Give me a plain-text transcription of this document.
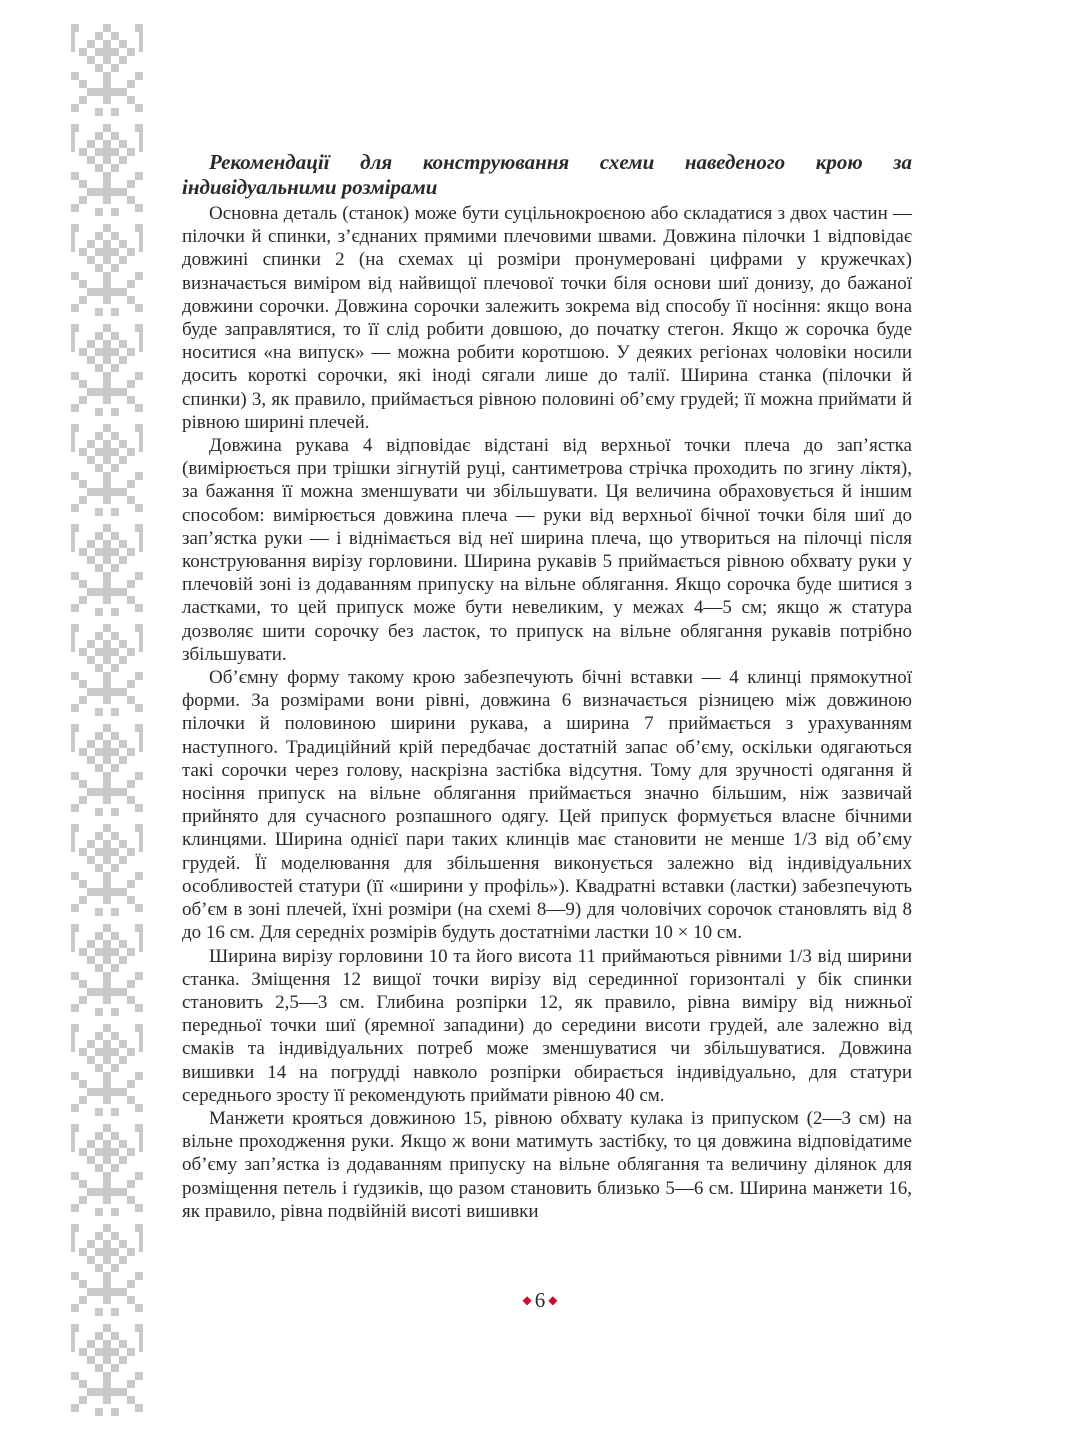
Рекомендації для конструювання схеми наведеного крою за індивідуальними розмірами

Основна деталь (станок) може бути суцільнокроєною або складатися з двох частин — пілочки й спинки, з’єднаних прямими плечовими швами. Довжина пілочки 1 відповідає довжині спинки 2 (на схемах ці розміри пронумеровані цифрами у кружечках) визначається виміром від найвищої плечової точки біля основи шиї донизу, до бажаної довжини сорочки. Довжина сорочки залежить зокрема від способу її носіння: якщо вона буде заправлятися, то її слід робити довшою, до початку стегон. Якщо ж сорочка буде носитися «на випуск» — можна робити коротшою. У деяких регіонах чоловіки носили досить короткі сорочки, які іноді сягали лише до талії. Ширина станка (пілочки й спинки) 3, як правило, приймається рівною половині об’єму грудей; її можна приймати й рівною ширині плечей.

Довжина рукава 4 відповідає відстані від верхньої точки плеча до зап’ястка (вимірюється при трішки зігнутій руці, сантиметрова стрічка проходить по згину ліктя), за бажання її можна зменшувати чи збільшувати. Ця величина обраховується й іншим способом: вимірюється довжина плеча — руки від верхньої бічної точки біля шиї до зап’ястка руки — і віднімається від неї ширина плеча, що утвориться на пілочці після конструювання вирізу горловини. Ширина рукавів 5 приймається рівною обхвату руки у плечовій зоні із додаванням припуску на вільне облягання. Якщо сорочка буде шитися з ластками, то цей припуск може бути невеликим, у межах 4—5 см; якщо ж статура дозволяє шити сорочку без ласток, то припуск на вільне облягання рукавів потрібно збільшувати.

Об’ємну форму такому крою забезпечують бічні вставки — 4 клинці прямокутної форми. За розмірами вони рівні, довжина 6 визначається різницею між довжиною пілочки й половиною ширини рукава, а ширина 7 приймається з урахуванням наступного. Традиційний крій передбачає достатній запас об’єму, оскільки одягаються такі сорочки через голову, наскрізна застібка відсутня. Тому для зручності одягання й носіння припуск на вільне облягання приймається значно більшим, ніж зазвичай прийнято для сучасного розпашного одягу. Цей припуск формується власне бічними клинцями. Ширина однієї пари таких клинців має становити не менше 1/3 від об’єму грудей. Її моделювання для збільшення виконується залежно від індивідуальних особливостей статури (її «ширини у профіль»). Квадратні вставки (ластки) забезпечують об’єм в зоні плечей, їхні розміри (на схемі 8—9) для чоловічих сорочок становлять від 8 до 16 см. Для середніх розмірів будуть достатніми ластки 10 × 10 см.

Ширина вирізу горловини 10 та його висота 11 приймаються рівними 1/3 від ширини станка. Зміщення 12 вищої точки вирізу від серединної горизонталі у бік спинки становить 2,5—3 см. Глибина розпірки 12, як правило, рівна виміру від нижньої передньої точки шиї (яремної западини) до середини висоти грудей, але залежно від смаків та індивідуальних потреб може зменшуватися чи збільшуватися. Довжина вишивки 14 на погрудді навколо розпірки обирається індивідуально, для статури середнього зросту її рекомендують приймати рівною 40 см.

Манжети крояться довжиною 15, рівною обхвату кулака із припуском (2—3 см) на вільне проходження руки. Якщо ж вони матимуть застібку, то ця довжина відповідатиме об’єму зап’ястка із додаванням припуску на вільне облягання та величину ділянок для розміщення петель і ґудзиків, що разом становить близько 5—6 см. Ширина манжети 16, як правило, рівна подвійній висоті вишивки

◆ 6 ◆
